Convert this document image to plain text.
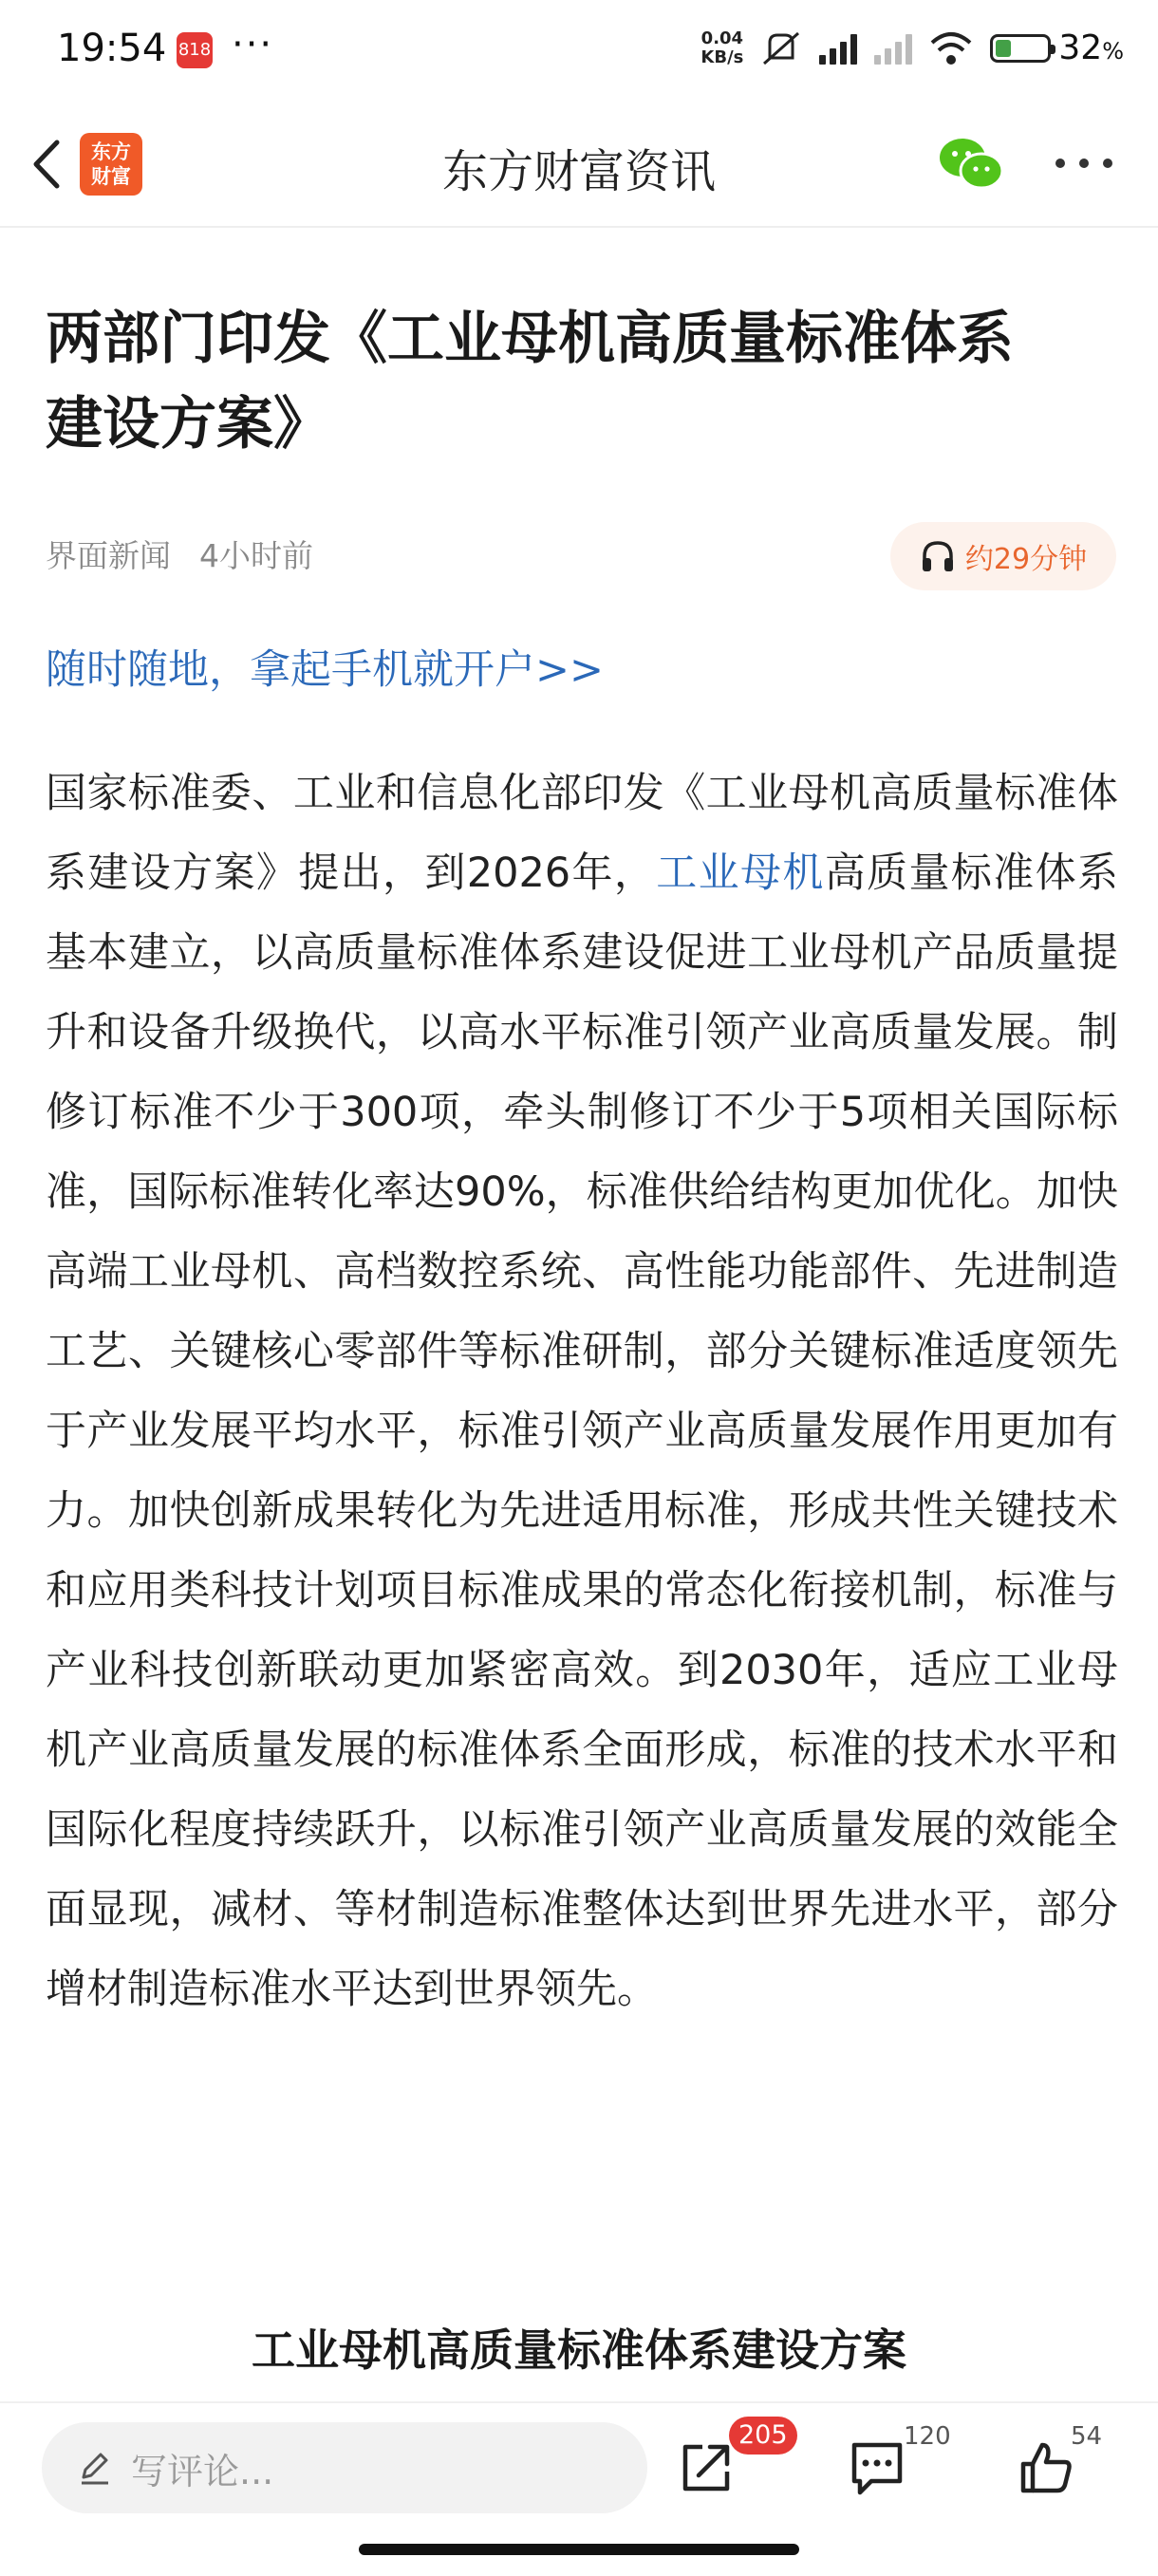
19:54 818 ···	0.04
KB/s	32%
东方
财富	东方财富资讯
两部门印发《工业母机高质量标准体系
建设方案》
界面新闻 4小时前	约29分钟
随时随地，拿起手机就开户>>
国家标准委、工业和信息化部印发《工业母机高质量标准体系建设方案》提出，到2026年，工业母机高质量标准体系基本建立，以高质量标准体系建设促进工业母机产品质量提升和设备升级换代，以高水平标准引领产业高质量发展。制修订标准不少于300项，牵头制修订不少于5项相关国际标准，国际标准转化率达90%，标准供给结构更加优化。加快高端工业母机、高档数控系统、高性能功能部件、先进制造工艺、关键核心零部件等标准研制，部分关键标准适度领先于产业发展平均水平，标准引领产业高质量发展作用更加有力。加快创新成果转化为先进适用标准，形成共性关键技术和应用类科技计划项目标准成果的常态化衔接机制，标准与产业科技创新联动更加紧密高效。到2030年，适应工业母机产业高质量发展的标准体系全面形成，标准的技术水平和国际化程度持续跃升，以标准引领产业高质量发展的效能全面显现，减材、等材制造标准整体达到世界先进水平，部分增材制造标准水平达到世界领先。
工业母机高质量标准体系建设方案
写评论...
205	120	54
